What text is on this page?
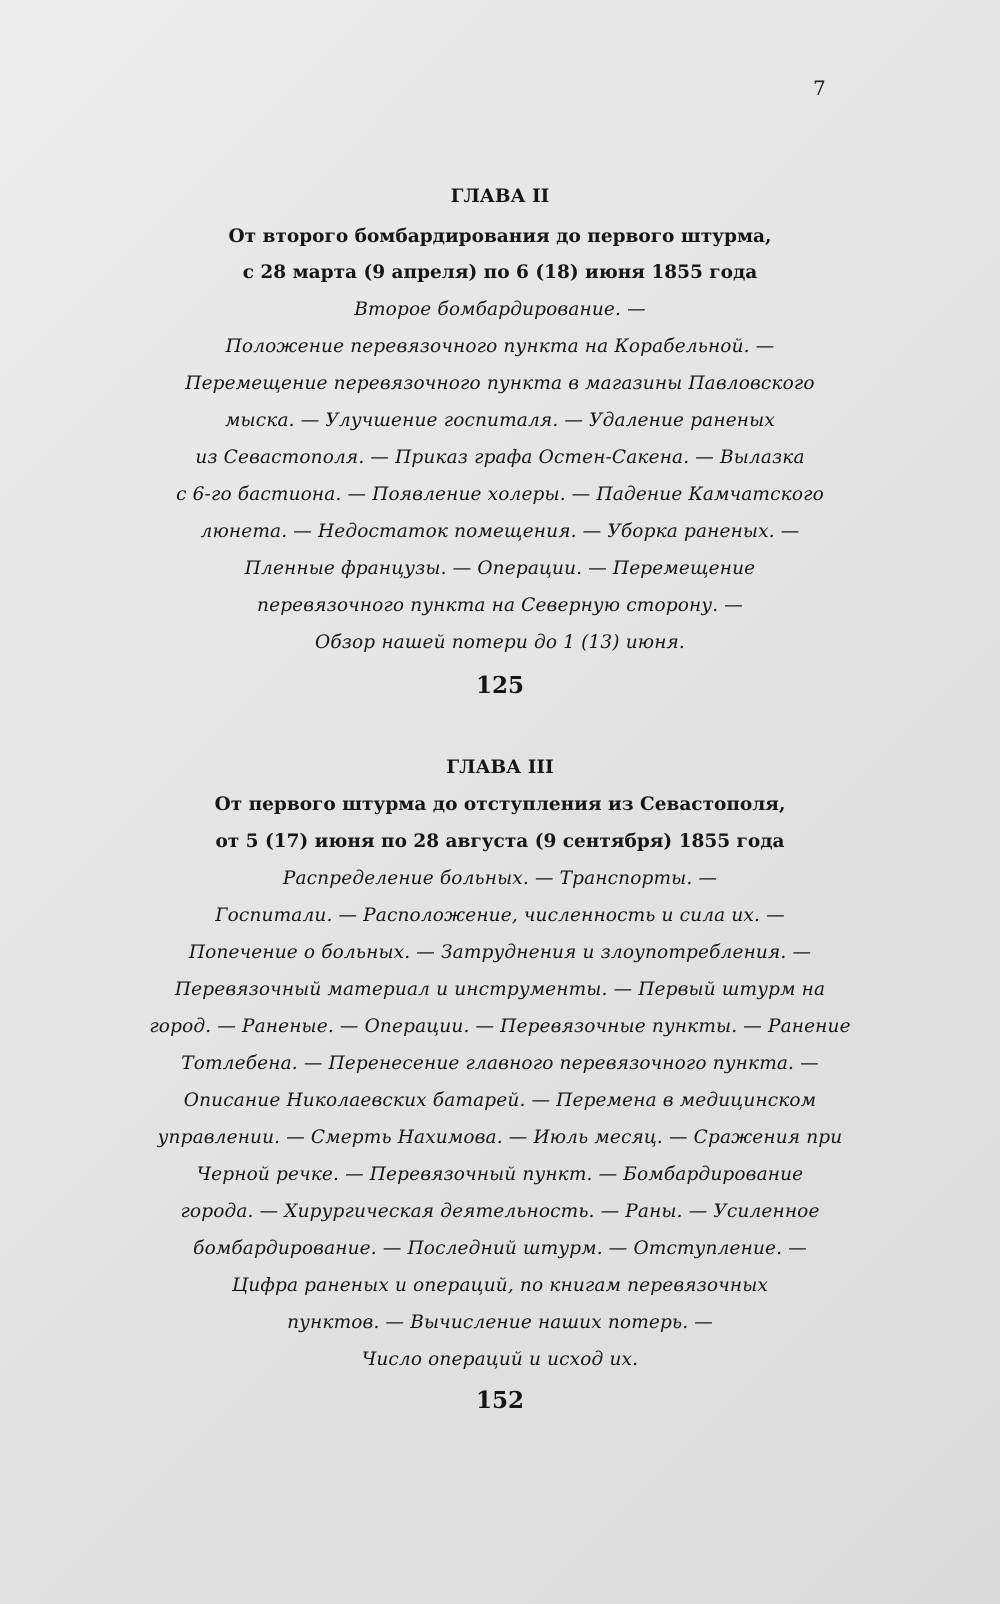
7
ГЛАВА II
От второго бомбардирования до первого штурма,
с 28 марта (9 апреля) по 6 (18) июня 1855 года
Второе бомбардирование. —
Положение перевязочного пункта на Корабельной. —
Перемещение перевязочного пункта в магазины Павловского
мыска. — Улучшение госпиталя. — Удаление раненых
из Севастополя. — Приказ графа Остен-Сакена. — Вылазка
с 6-го бастиона. — Появление холеры. — Падение Камчатского
люнета. — Недостаток помещения. — Уборка раненых. —
Пленные французы. — Операции. — Перемещение
перевязочного пункта на Северную сторону. —
Обзор нашей потери до 1 (13) июня.
125
ГЛАВА III
От первого штурма до отступления из Севастополя,
от 5 (17) июня по 28 августа (9 сентября) 1855 года
Распределение больных. — Транспорты. —
Госпитали. — Расположение, численность и сила их. —
Попечение о больных. — Затруднения и злоупотребления. —
Перевязочный материал и инструменты. — Первый штурм на
город. — Раненые. — Операции. — Перевязочные пункты. — Ранение
Тотлебена. — Перенесение главного перевязочного пункта. —
Описание Николаевских батарей. — Перемена в медицинском
управлении. — Смерть Нахимова. — Июль месяц. — Сражения при
Черной речке. — Перевязочный пункт. — Бомбардирование
города. — Хирургическая деятельность. — Раны. — Усиленное
бомбардирование. — Последний штурм. — Отступление. —
Цифра раненых и операций, по книгам перевязочных
пунктов. — Вычисление наших потерь. —
Число операций и исход их.
152
